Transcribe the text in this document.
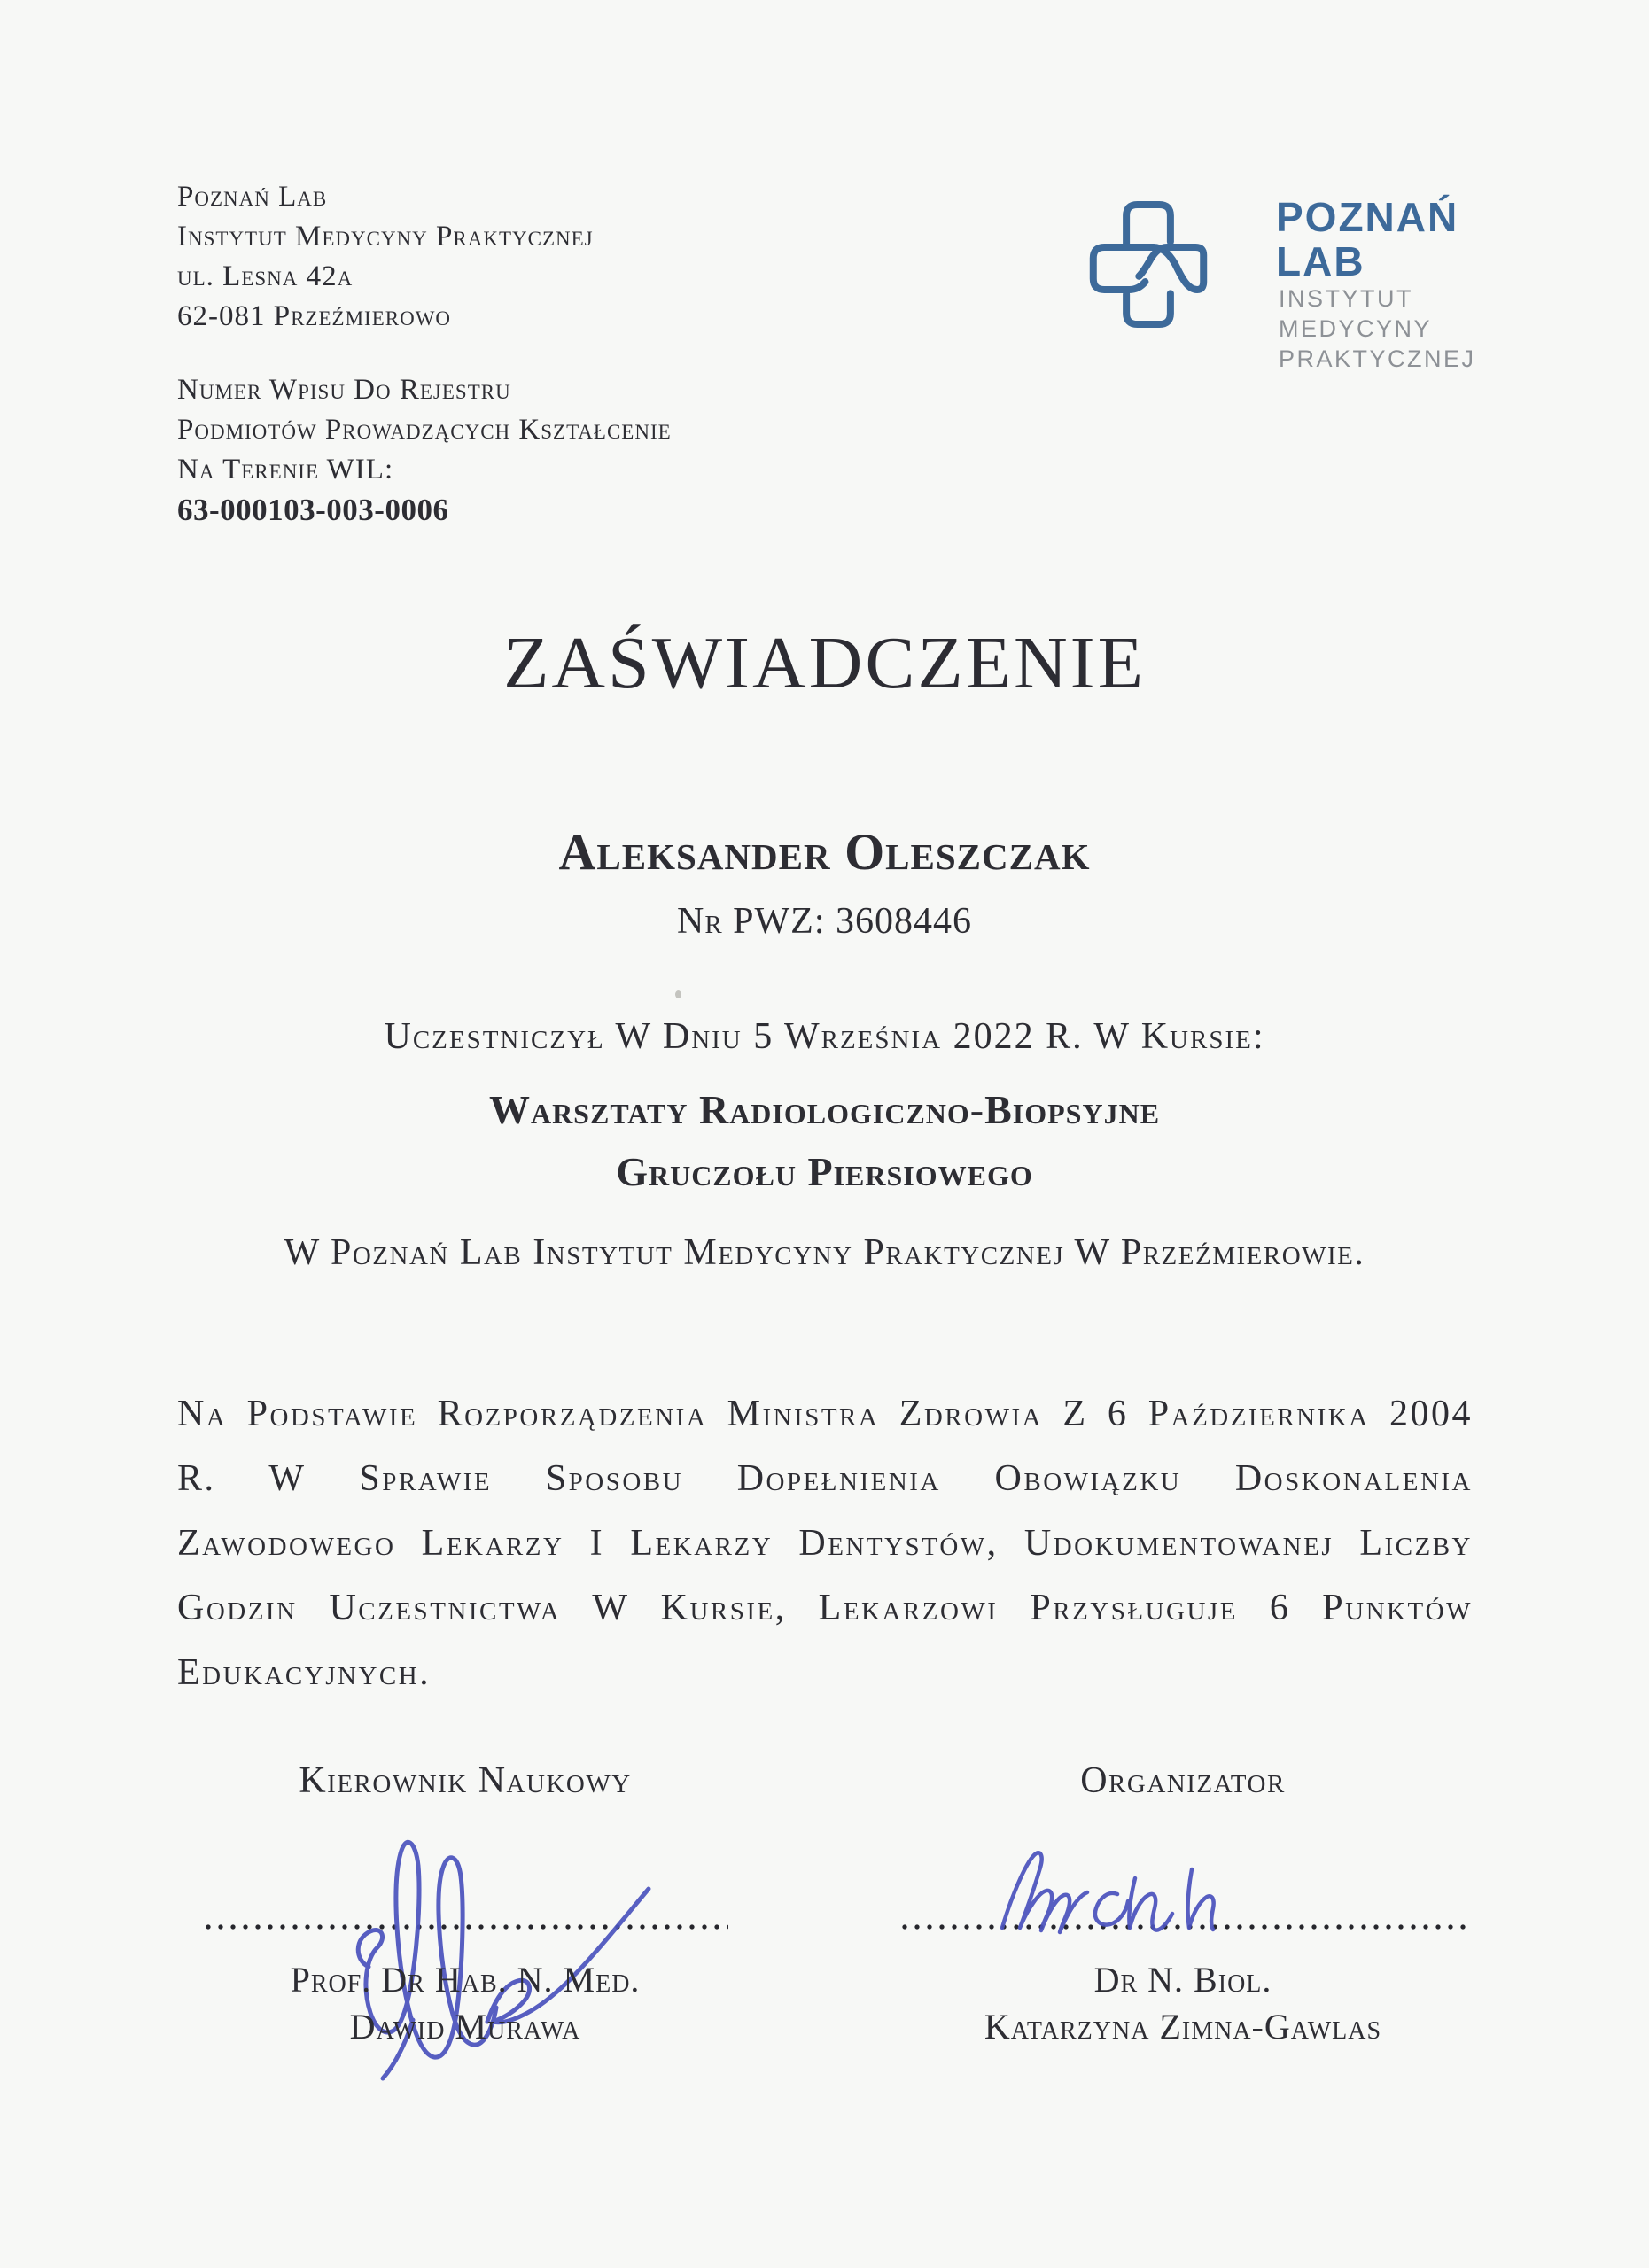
Poznań Lab
Instytut Medycyny Praktycznej
ul. Lesna 42a
62-081 Przeźmierowo
Numer Wpisu Do Rejestru
Podmiotów Prowadzących Kształcenie
Na Terenie WIL:
63-000103-003-0006
POZNAŃ
LAB
INSTYTUT
MEDYCYNY
PRAKTYCZNEJ
ZAŚWIADCZENIE
Aleksander Oleszczak
Nr PWZ: 3608446
Uczestniczył W Dniu 5 Września 2022 R. W Kursie:
Warsztaty Radiologiczno-Biopsyjne
Gruczołu Piersiowego
W Poznań Lab Instytut Medycyny Praktycznej W Przeźmierowie.
Na Podstawie Rozporządzenia Ministra Zdrowia Z 6 Października 2004 R. W Sprawie Sposobu Dopełnienia Obowiązku Doskonalenia Zawodowego Lekarzy I Lekarzy Dentystów, Udokumentowanej Liczby Godzin Uczestnictwa W Kursie, Lekarzowi Przysługuje 6 Punktów Edukacyjnych.
Kierownik Naukowy
Prof. Dr Hab. N. Med.
Dawid Murawa
Organizator
Dr N. Biol.
Katarzyna Zimna-Gawlas
